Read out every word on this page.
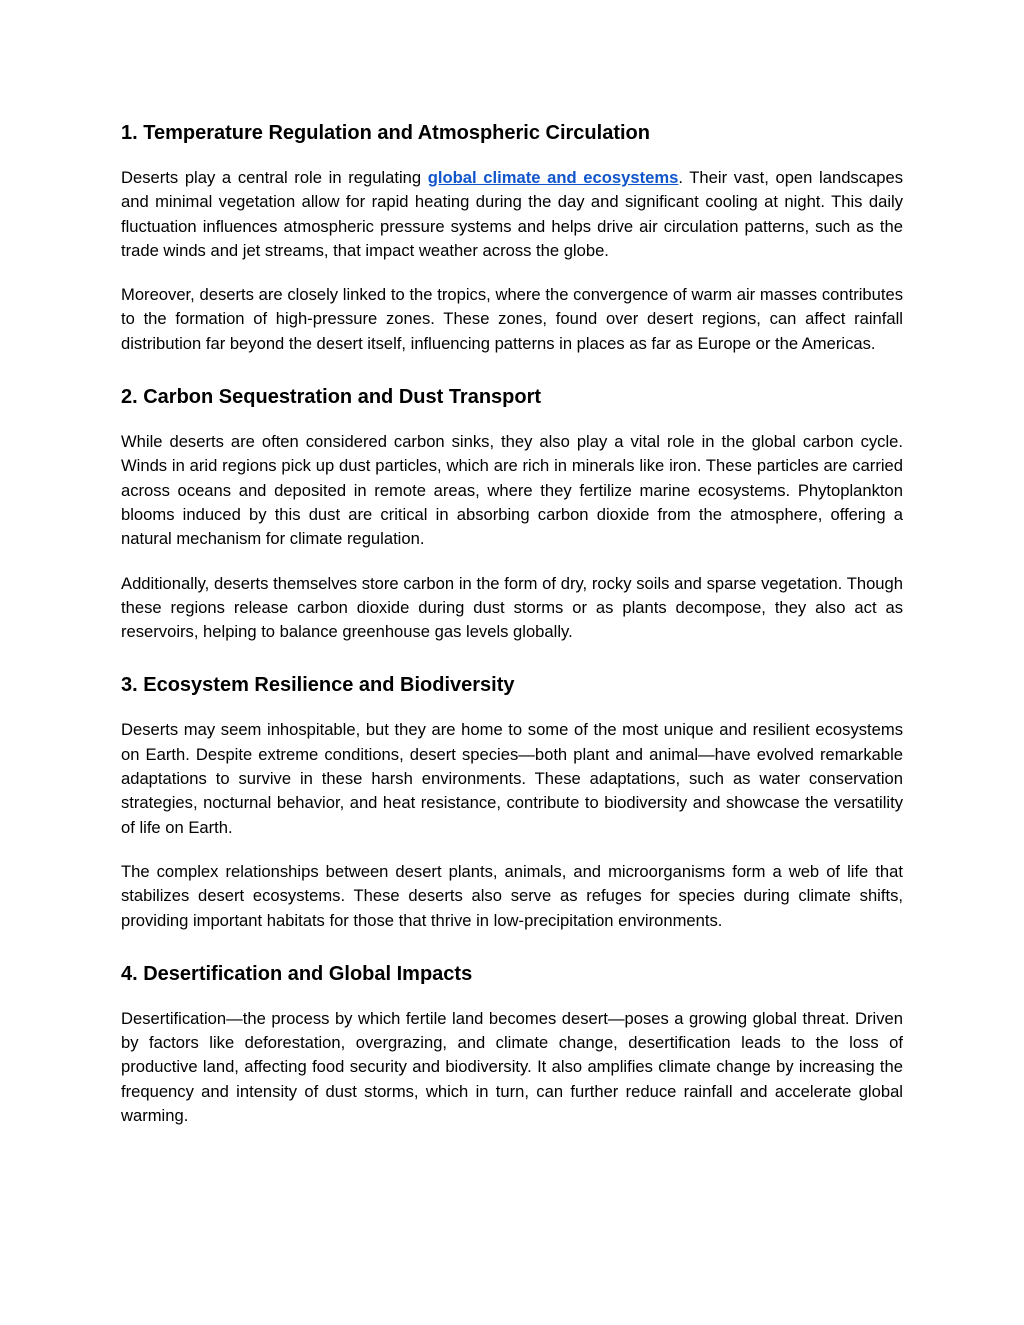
1. Temperature Regulation and Atmospheric Circulation

Deserts play a central role in regulating global climate and ecosystems. Their vast, open landscapes and minimal vegetation allow for rapid heating during the day and significant cooling at night. This daily fluctuation influences atmospheric pressure systems and helps drive air circulation patterns, such as the trade winds and jet streams, that impact weather across the globe.

Moreover, deserts are closely linked to the tropics, where the convergence of warm air masses contributes to the formation of high-pressure zones. These zones, found over desert regions, can affect rainfall distribution far beyond the desert itself, influencing patterns in places as far as Europe or the Americas.

2. Carbon Sequestration and Dust Transport

While deserts are often considered carbon sinks, they also play a vital role in the global carbon cycle. Winds in arid regions pick up dust particles, which are rich in minerals like iron. These particles are carried across oceans and deposited in remote areas, where they fertilize marine ecosystems. Phytoplankton blooms induced by this dust are critical in absorbing carbon dioxide from the atmosphere, offering a natural mechanism for climate regulation.

Additionally, deserts themselves store carbon in the form of dry, rocky soils and sparse vegetation. Though these regions release carbon dioxide during dust storms or as plants decompose, they also act as reservoirs, helping to balance greenhouse gas levels globally.

3. Ecosystem Resilience and Biodiversity

Deserts may seem inhospitable, but they are home to some of the most unique and resilient ecosystems on Earth. Despite extreme conditions, desert species—both plant and animal—have evolved remarkable adaptations to survive in these harsh environments. These adaptations, such as water conservation strategies, nocturnal behavior, and heat resistance, contribute to biodiversity and showcase the versatility of life on Earth.

The complex relationships between desert plants, animals, and microorganisms form a web of life that stabilizes desert ecosystems. These deserts also serve as refuges for species during climate shifts, providing important habitats for those that thrive in low-precipitation environments.

4. Desertification and Global Impacts

Desertification—the process by which fertile land becomes desert—poses a growing global threat. Driven by factors like deforestation, overgrazing, and climate change, desertification leads to the loss of productive land, affecting food security and biodiversity. It also amplifies climate change by increasing the frequency and intensity of dust storms, which in turn, can further reduce rainfall and accelerate global warming.
